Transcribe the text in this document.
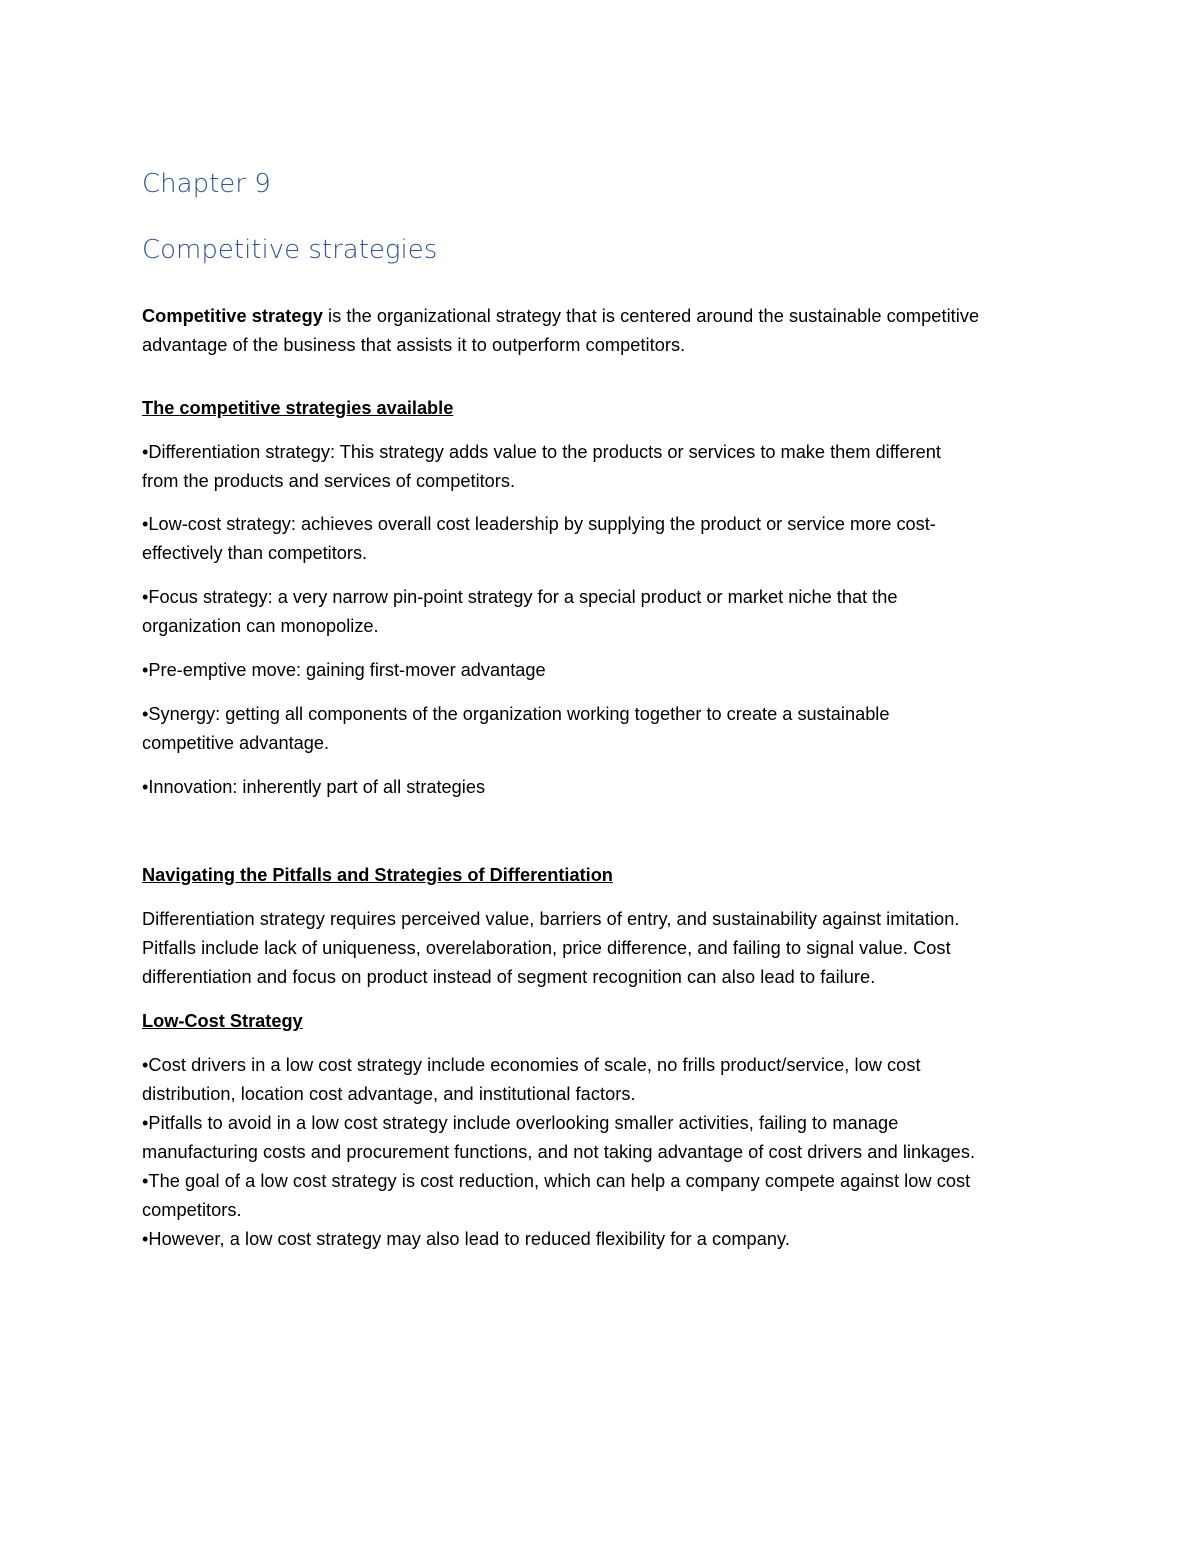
Chapter 9
Competitive strategies

Competitive strategy is the organizational strategy that is centered around the sustainable competitive
advantage of the business that assists it to outperform competitors.

The competitive strategies available

•Differentiation strategy: This strategy adds value to the products or services to make them different
from the products and services of competitors.

•Low-cost strategy: achieves overall cost leadership by supplying the product or service more cost-
effectively than competitors.

•Focus strategy: a very narrow pin-point strategy for a special product or market niche that the
organization can monopolize.

•Pre-emptive move: gaining first-mover advantage

•Synergy: getting all components of the organization working together to create a sustainable
competitive advantage.

•Innovation: inherently part of all strategies

Navigating the Pitfalls and Strategies of Differentiation

Differentiation strategy requires perceived value, barriers of entry, and sustainability against imitation.
Pitfalls include lack of uniqueness, overelaboration, price difference, and failing to signal value. Cost
differentiation and focus on product instead of segment recognition can also lead to failure.

Low-Cost Strategy

•Cost drivers in a low cost strategy include economies of scale, no frills product/service, low cost
distribution, location cost advantage, and institutional factors.
•Pitfalls to avoid in a low cost strategy include overlooking smaller activities, failing to manage
manufacturing costs and procurement functions, and not taking advantage of cost drivers and linkages.
•The goal of a low cost strategy is cost reduction, which can help a company compete against low cost
competitors.
•However, a low cost strategy may also lead to reduced flexibility for a company.
